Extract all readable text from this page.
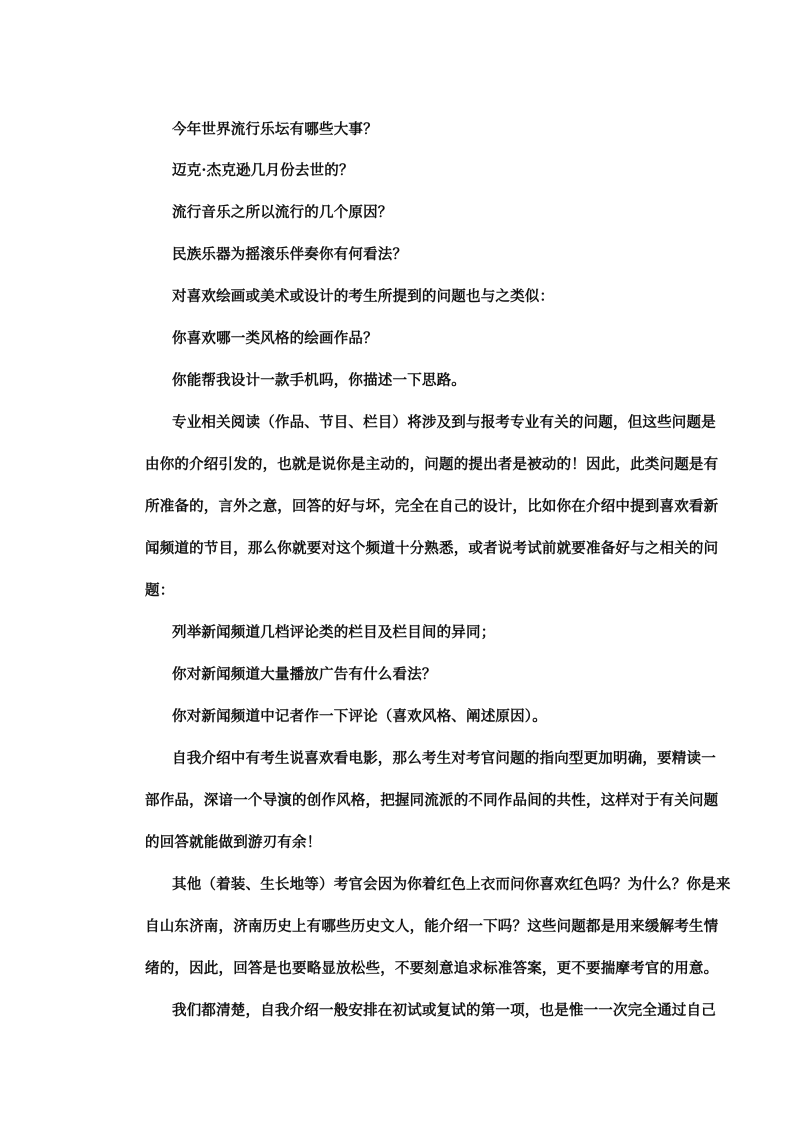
今年世界流行乐坛有哪些大事？

迈克·杰克逊几月份去世的？

流行音乐之所以流行的几个原因？

民族乐器为摇滚乐伴奏你有何看法？

对喜欢绘画或美术或设计的考生所提到的问题也与之类似：

你喜欢哪一类风格的绘画作品？

你能帮我设计一款手机吗，你描述一下思路。

专业相关阅读（作品、节目、栏目）将涉及到与报考专业有关的问题，但这些问题是

由你的介绍引发的，也就是说你是主动的，问题的提出者是被动的！因此，此类问题是有

所准备的，言外之意，回答的好与坏，完全在自己的设计，比如你在介绍中提到喜欢看新

闻频道的节目，那么你就要对这个频道十分熟悉，或者说考试前就要准备好与之相关的问

题：

列举新闻频道几档评论类的栏目及栏目间的异同；

你对新闻频道大量播放广告有什么看法？

你对新闻频道中记者作一下评论（喜欢风格、阐述原因）。

自我介绍中有考生说喜欢看电影，那么考生对考官问题的指向型更加明确，要精读一

部作品，深谙一个导演的创作风格，把握同流派的不同作品间的共性，这样对于有关问题

的回答就能做到游刃有余！

其他（着装、生长地等）考官会因为你着红色上衣而问你喜欢红色吗？为什么？你是来

自山东济南，济南历史上有哪些历史文人，能介绍一下吗？这些问题都是用来缓解考生情

绪的，因此，回答是也要略显放松些，不要刻意追求标准答案，更不要揣摩考官的用意。

我们都清楚，自我介绍一般安排在初试或复试的第一项，也是惟一一次完全通过自己
